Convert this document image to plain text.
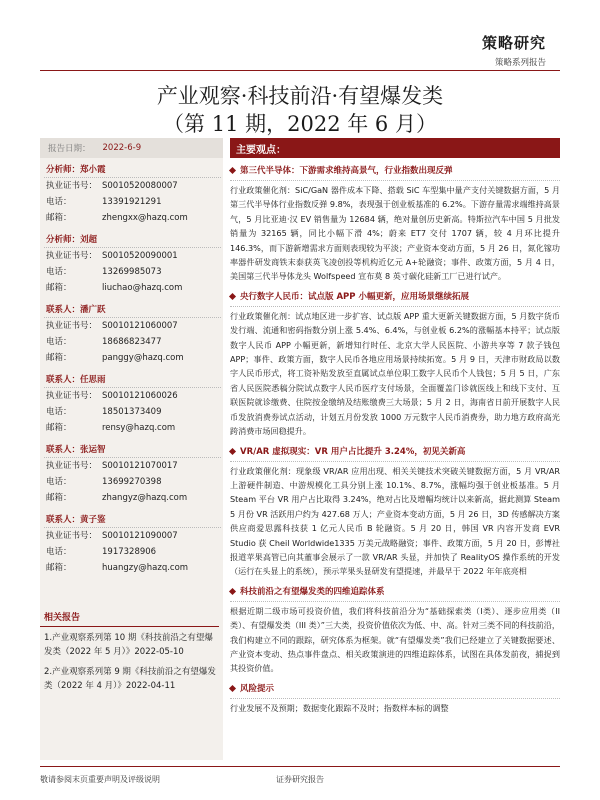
策略研究
策略系列报告
产业观察·科技前沿·有望爆发类
（第 11 期，2022 年 6 月）
报告日期： 2022-6-9
分析师：郑小霞
执业证书号： S0010520080007
电话：	13391921291
邮箱：	zhengxx@hazq.com
分析师：刘超
执业证书号： S0010520090001
电话：	13269985073
邮箱：	liuchao@hazq.com
联系人：潘广跃
执业证书号： S0010121060007
电话：	18686823477
邮箱：	panggy@hazq.com
联系人：任思雨
执业证书号： S0010121060026
电话：	18501373409
邮箱：	rensy@hazq.com
联系人：张运智
执业证书号： S0010121070017
电话：	13699270398
邮箱：	zhangyz@hazq.com
联系人：黄子鉴
执业证书号： S0010121090007
电话：	1917328906
邮箱：	huangzy@hazq.com
相关报告
1.产业观察系列第 10 期《科技前沿之有望爆发类（2022 年 5 月）》2022-05-10
2.产业观察系列第 9 期《科技前沿之有望爆发类（2022 年 4 月）》2022-04-11
主要观点：
第三代半导体：下游需求维持高景气，行业指数出现反弹
行业政策催化剂：SiC/GaN 器件成本下降、搭载 SiC 车型集中量产支付关键数据方面，5 月第三代半导体行业指数反弹 9.8%，表现强于创业板基准的 6.2%。下游存量需求端维持高景气，5 月比亚迪·汉 EV 销售量为 12684 辆，绝对量创历史新高。特斯拉汽车中国 5 月批发销量为 32165 辆，同比小幅下滑 4%；蔚来 ET7 交付 1707 辆，较 4 月环比提升 146.3%，而下游新增需求方面则表现较为平淡；产业资本变动方面，5 月 26 日，氮化镓功率器件研发商铁末泰获英飞凌创投等机构近亿元 A+轮融资；事件、政策方面，5 月 4 日，美国第三代半导体龙头 Wolfspeed 宣布莫 8 英寸碳化硅新工厂已进行试产。
央行数字人民币：试点版 APP 小幅更新，应用场景继续拓展
行业政策催化剂：试点地区进一步扩容、试点版 APP 重大更新关键数据方面，5 月数字货币发行端、流通和密码指数分别上涨 5.4%、6.4%，与创业板 6.2%的涨幅基本持平；试点版数字人民币 APP 小幅更新，新增知行时任、北京大学人民医院、小游共享等 7 款子钱包 APP；事件、政策方面，数字人民币各地应用场景持续拓宽。5 月 9 日，天津市财政局以数字人民币形式，将工资补贴发放至直属试点单位职工数字人民币个人钱包；5 月 5 日，广东省人民医院悉稿分院试点数字人民币医疗支付场景，全面覆盖门诊就医线上和线下支付、互联医院就诊缴费、住院按金缴纳及结账缴费三大场景；5 月 2 日，海南省日前开展数字人民币发放消费券试点活动，计划五月份发放 1000 万元数字人民币消费券，助力地方政府高光跨消费市场回稳提升。
VR/AR 虚拟现实：VR 用户占比提升 3.24%，初见关新高
行业政策催化剂：现象级 VR/AR 应用出现、相关关键技术突破关键数据方面，5 月 VR/AR 上游硬件制造、中游规模化工具分别上涨 10.1%、8.7%，涨幅均强于创业板基准。5 月 Steam 平台 VR 用户占比取得 3.24%，绝对占比及增幅均统计以来新高，据此测算 Steam 5 月份 VR 活跃用户约为 427.68 万人；产业资本变动方面，5 月 26 日，3D 传感解决方案供应商爱思露科技获 1 亿元人民币 B 轮融资。5 月 20 日，韩国 VR 内容开发商 EVR Studio 获 Cheil Worldwide1335 万美元战略融资；事件、政策方面，5 月 20 日，彭博社报道苹果高管已向其董事会展示了一款 VR/AR 头显，并加快了 RealityOS 操作系统的开发（运行在头显上的系统），预示苹果头显研发有望提速，并最早于 2022 年年底亮相
科技前沿之有望爆发类的四维追踪体系
根据近期二级市场可投资价值，我们将科技前沿分为“基础探索类（I类）、逐步应用类（II 类）、有望爆发类（III 类）”三大类，投资价值依次为低、中、高。针对三类不同的科技前沿，我们构建立不同的跟踪，研究体系为框架。就“有望爆发类”我们已经建立了关键数据要述、产业资本变动、热点事件盘点、相关政策演进的四维追踪体系，试图在具体发前夜，捕捉到其投资价值。
风险提示
行业发展不及预期；数据变化跟踪不及时；指数样本标的调整
敬请参阅末页重要声明及评级说明	证券研究报告
